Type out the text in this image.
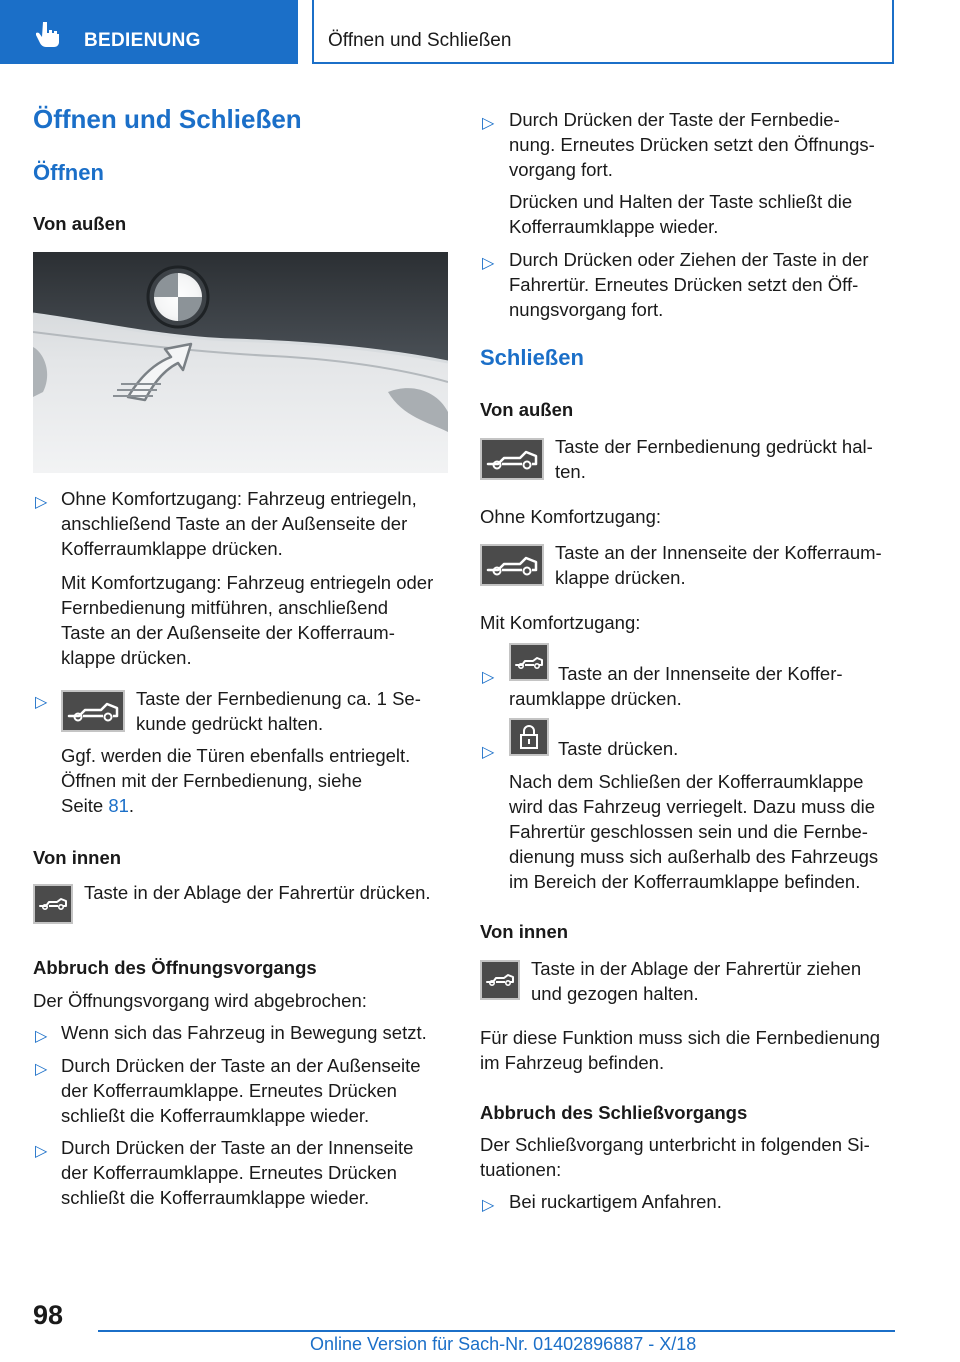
BEDIENUNG	Öffnen und Schließen
Öffnen und Schließen
Öffnen
Von außen
▷ Ohne Komfortzugang: Fahrzeug entriegeln,
anschließend Taste an der Außenseite der
Kofferraumklappe drücken.
Mit Komfortzugang: Fahrzeug entriegeln oder
Fernbedienung mitführen, anschließend
Taste an der Außenseite der Kofferraum-
klappe drücken.
▷	Taste der Fernbedienung ca. 1 Se-
kunde gedrückt halten.
Ggf. werden die Türen ebenfalls entriegelt.
Öffnen mit der Fernbedienung, siehe
Seite 81.
Von innen
Taste in der Ablage der Fahrertür drücken.
Abbruch des Öffnungsvorgangs
Der Öffnungsvorgang wird abgebrochen:
▷ Wenn sich das Fahrzeug in Bewegung setzt.
▷ Durch Drücken der Taste an der Außenseite
der Kofferraumklappe. Erneutes Drücken
schließt die Kofferraumklappe wieder.
▷ Durch Drücken der Taste an der Innenseite
der Kofferraumklappe. Erneutes Drücken
schließt die Kofferraumklappe wieder.
▷ Durch Drücken der Taste der Fernbedie-
nung. Erneutes Drücken setzt den Öffnungs-
vorgang fort.
Drücken und Halten der Taste schließt die
Kofferraumklappe wieder.
▷ Durch Drücken oder Ziehen der Taste in der
Fahrertür. Erneutes Drücken setzt den Öff-
nungsvorgang fort.
Schließen
Von außen
Taste der Fernbedienung gedrückt hal-
ten.
Ohne Komfortzugang:
Taste an der Innenseite der Kofferraum-
klappe drücken.
Mit Komfortzugang:
▷	Taste an der Innenseite der Koffer-
raumklappe drücken.
▷	Taste drücken.
Nach dem Schließen der Kofferraumklappe
wird das Fahrzeug verriegelt. Dazu muss die
Fahrertür geschlossen sein und die Fernbe-
dienung muss sich außerhalb des Fahrzeugs
im Bereich der Kofferraumklappe befinden.
Von innen
Taste in der Ablage der Fahrertür ziehen
und gezogen halten.
Für diese Funktion muss sich die Fernbedienung
im Fahrzeug befinden.
Abbruch des Schließvorgangs
Der Schließvorgang unterbricht in folgenden Si-
tuationen:
▷ Bei ruckartigem Anfahren.
98
Online Version für Sach-Nr. 01402896887 - X/18
